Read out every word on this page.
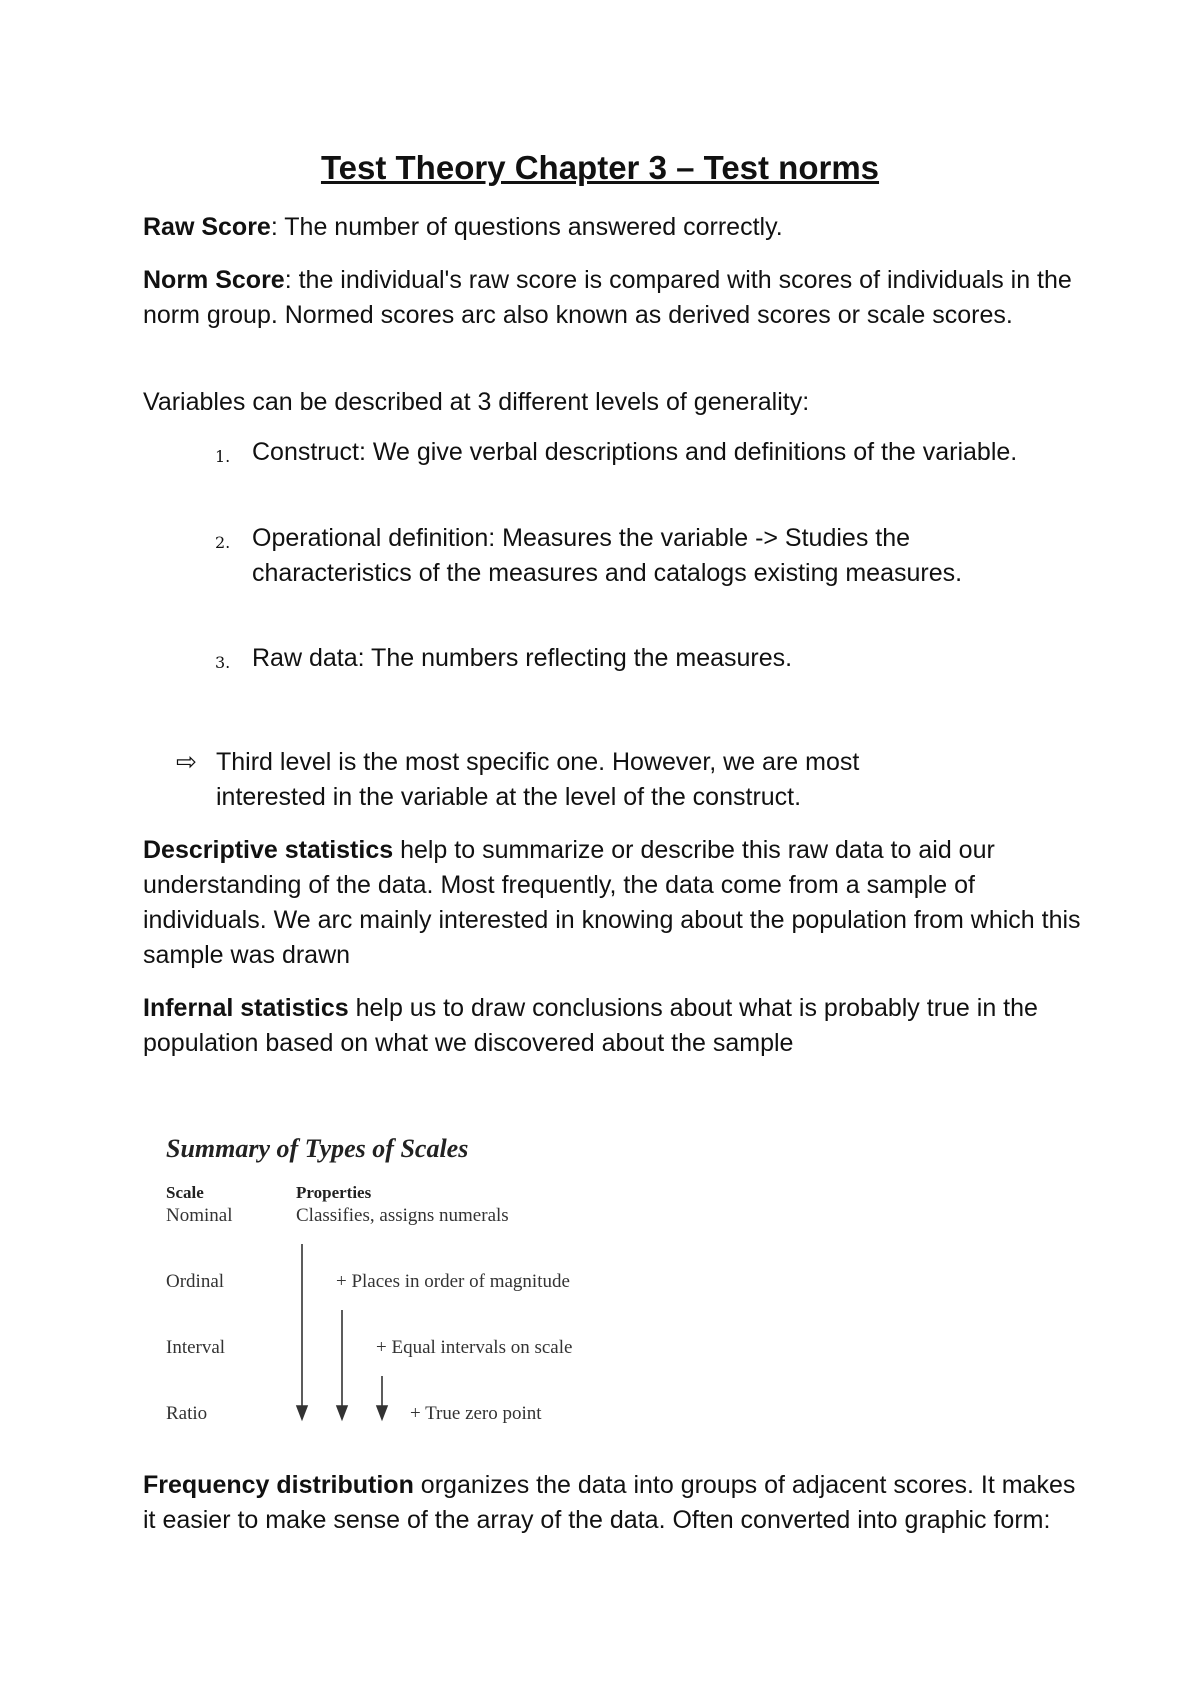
Test Theory Chapter 3 – Test norms
Raw Score: The number of questions answered correctly.
Norm Score: the individual's raw score is compared with scores of individuals in the norm group. Normed scores arc also known as derived scores or scale scores.
Variables can be described at 3 different levels of generality:
1. Construct: We give verbal descriptions and definitions of the variable.
2. Operational definition: Measures the variable -> Studies the characteristics of the measures and catalogs existing measures.
3. Raw data: The numbers reflecting the measures.
⇨ Third level is the most specific one. However, we are most interested in the variable at the level of the construct.
Descriptive statistics help to summarize or describe this raw data to aid our understanding of the data. Most frequently, the data come from a sample of individuals. We arc mainly interested in knowing about the population from which this sample was drawn
Infernal statistics help us to draw conclusions about what is probably true in the population based on what we discovered about the sample
Summary of Types of Scales
Scale	Properties
Nominal	Classifies, assigns numerals
Ordinal	+ Places in order of magnitude
Interval	+ Equal intervals on scale
Ratio	+ True zero point
Frequency distribution organizes the data into groups of adjacent scores. It makes it easier to make sense of the array of the data. Often converted into graphic form:
